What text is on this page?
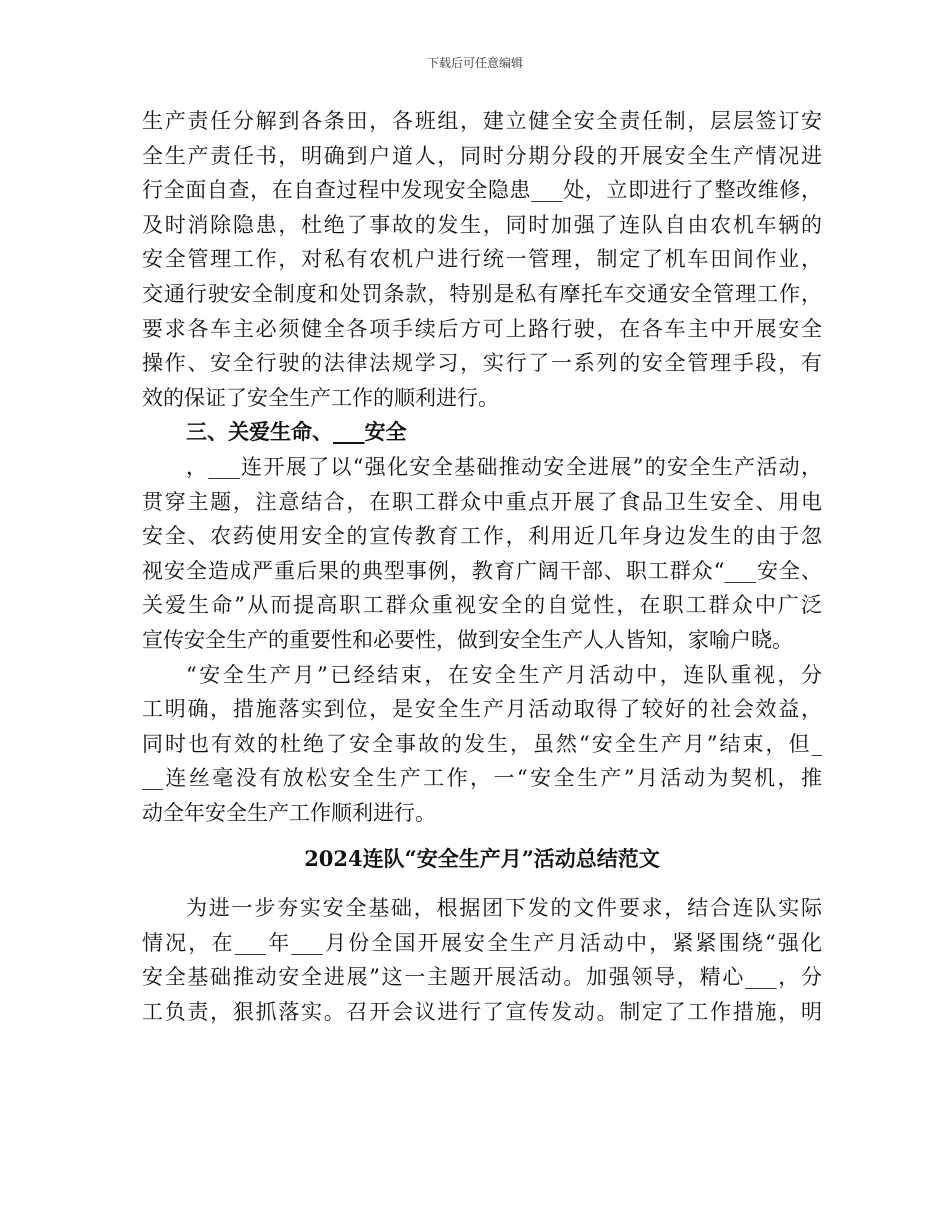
下载后可任意编辑
生产责任分解到各条田，各班组，建立健全安全责任制，层层签订安
全生产责任书，明确到户道人，同时分期分段的开展安全生产情况进
行全面自查，在自查过程中发现安全隐患___处，立即进行了整改维修，
及时消除隐患，杜绝了事故的发生，同时加强了连队自由农机车辆的
安全管理工作，对私有农机户进行统一管理，制定了机车田间作业，
交通行驶安全制度和处罚条款，特别是私有摩托车交通安全管理工作，
要求各车主必须健全各项手续后方可上路行驶，在各车主中开展安全
操作、安全行驶的法律法规学习，实行了一系列的安全管理手段，有
效的保证了安全生产工作的顺利进行。
三、关爱生命、___安全
，___连开展了以“强化安全基础推动安全进展”的安全生产活动，
贯穿主题，注意结合，在职工群众中重点开展了食品卫生安全、用电
安全、农药使用安全的宣传教育工作，利用近几年身边发生的由于忽
视安全造成严重后果的典型事例，教育广阔干部、职工群众“___安全、
关爱生命”从而提高职工群众重视安全的自觉性，在职工群众中广泛
宣传安全生产的重要性和必要性，做到安全生产人人皆知，家喻户晓。
“安全生产月”已经结束，在安全生产月活动中，连队重视，分
工明确，措施落实到位，是安全生产月活动取得了较好的社会效益，
同时也有效的杜绝了安全事故的发生，虽然“安全生产月”结束，但_
__连丝毫没有放松安全生产工作，一“安全生产”月活动为契机，推
动全年安全生产工作顺利进行。
2024连队“安全生产月”活动总结范文
为进一步夯实安全基础，根据团下发的文件要求，结合连队实际
情况，在___年___月份全国开展安全生产月活动中，紧紧围绕“强化
安全基础推动安全进展”这一主题开展活动。加强领导，精心___，分
工负责，狠抓落实。召开会议进行了宣传发动。制定了工作措施，明
